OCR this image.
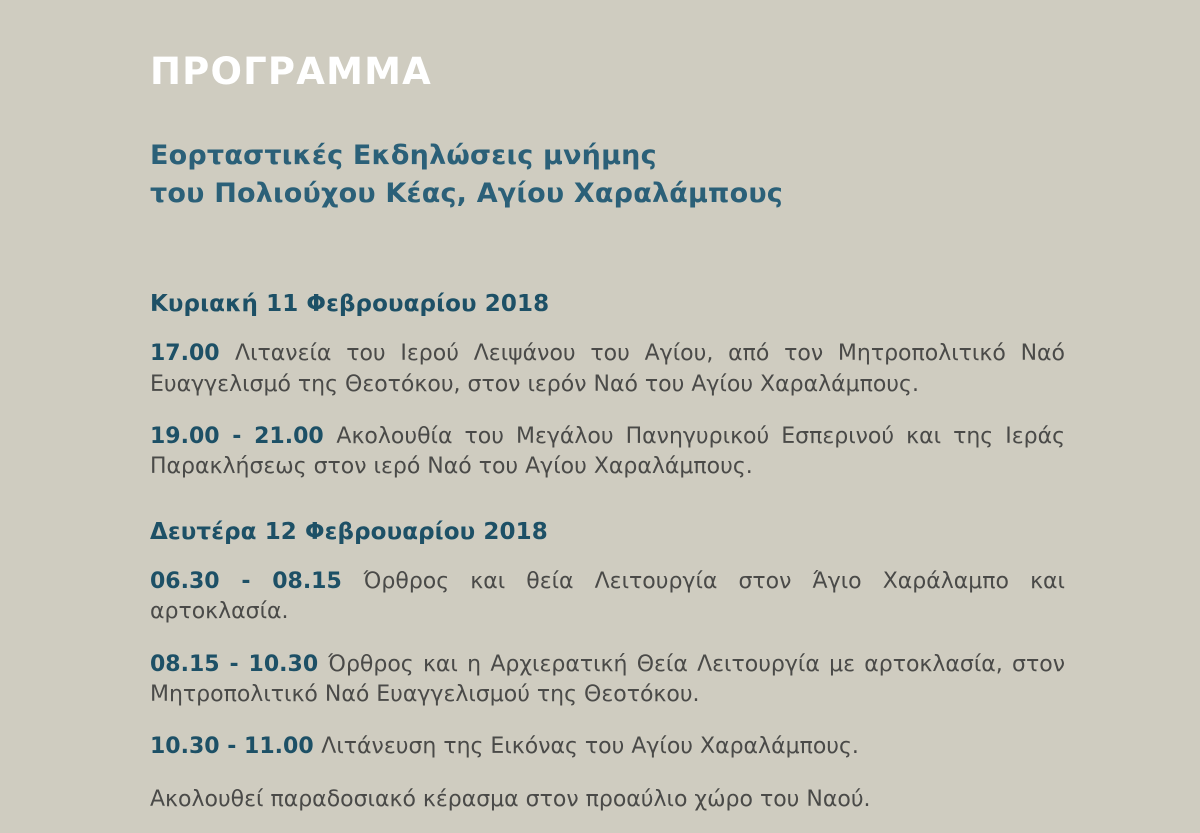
ΠΡΟΓΡΑΜΜΑ
Εορταστικές Εκδηλώσεις μνήμης
του Πολιούχου Κέας, Αγίου Χαραλάμπους
Κυριακή 11 Φεβρουαρίου 2018

17.00 Λιτανεία του Ιερού Λειψάνου του Αγίου, από τον Μητροπολιτικό Ναό Ευαγγελισμό της Θεοτόκου, στον ιερόν Ναό του Αγίου Χαραλάμπους.

19.00 - 21.00 Ακολουθία του Μεγάλου Πανηγυρικού Εσπερινού και της Ιεράς Παρακλήσεως στον ιερό Ναό του Αγίου Χαραλάμπους.

Δευτέρα 12 Φεβρουαρίου 2018

06.30 - 08.15 Όρθρος και θεία Λειτουργία στον Άγιο Χαράλαμπο και αρτοκλασία.

08.15 - 10.30 Όρθρος και η Αρχιερατική Θεία Λειτουργία με αρτοκλασία, στον Μητροπολιτικό Ναό Ευαγγελισμού της Θεοτόκου.

10.30 - 11.00 Λιτάνευση της Εικόνας του Αγίου Χαραλάμπους.

Ακολουθεί παραδοσιακό κέρασμα στον προαύλιο χώρο του Ναού.
